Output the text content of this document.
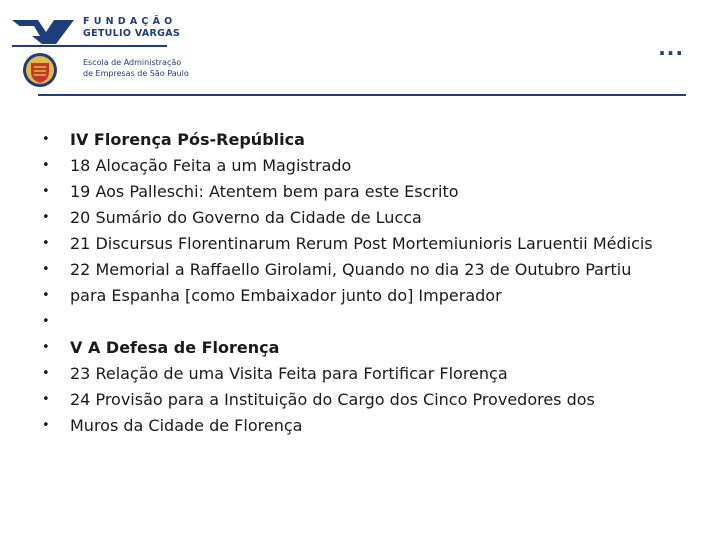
FUNDAÇÃO
GETULIO VARGAS
Escola de Administração
de Empresas de São Paulo
...
• IV Florença Pós-República
• 18 Alocação Feita a um Magistrado
• 19 Aos Palleschi: Atentem bem para este Escrito
• 20 Sumário do Governo da Cidade de Lucca
• 21 Discursus Florentinarum Rerum Post Mortemiunioris Laruentii Médicis
• 22 Memorial a Raffaello Girolami, Quando no dia 23 de Outubro Partiu
• para Espanha [como Embaixador junto do] Imperador
•
• V A Defesa de Florença
• 23 Relação de uma Visita Feita para Fortificar Florença
• 24 Provisão para a Instituição do Cargo dos Cinco Provedores dos
• Muros da Cidade de Florença
